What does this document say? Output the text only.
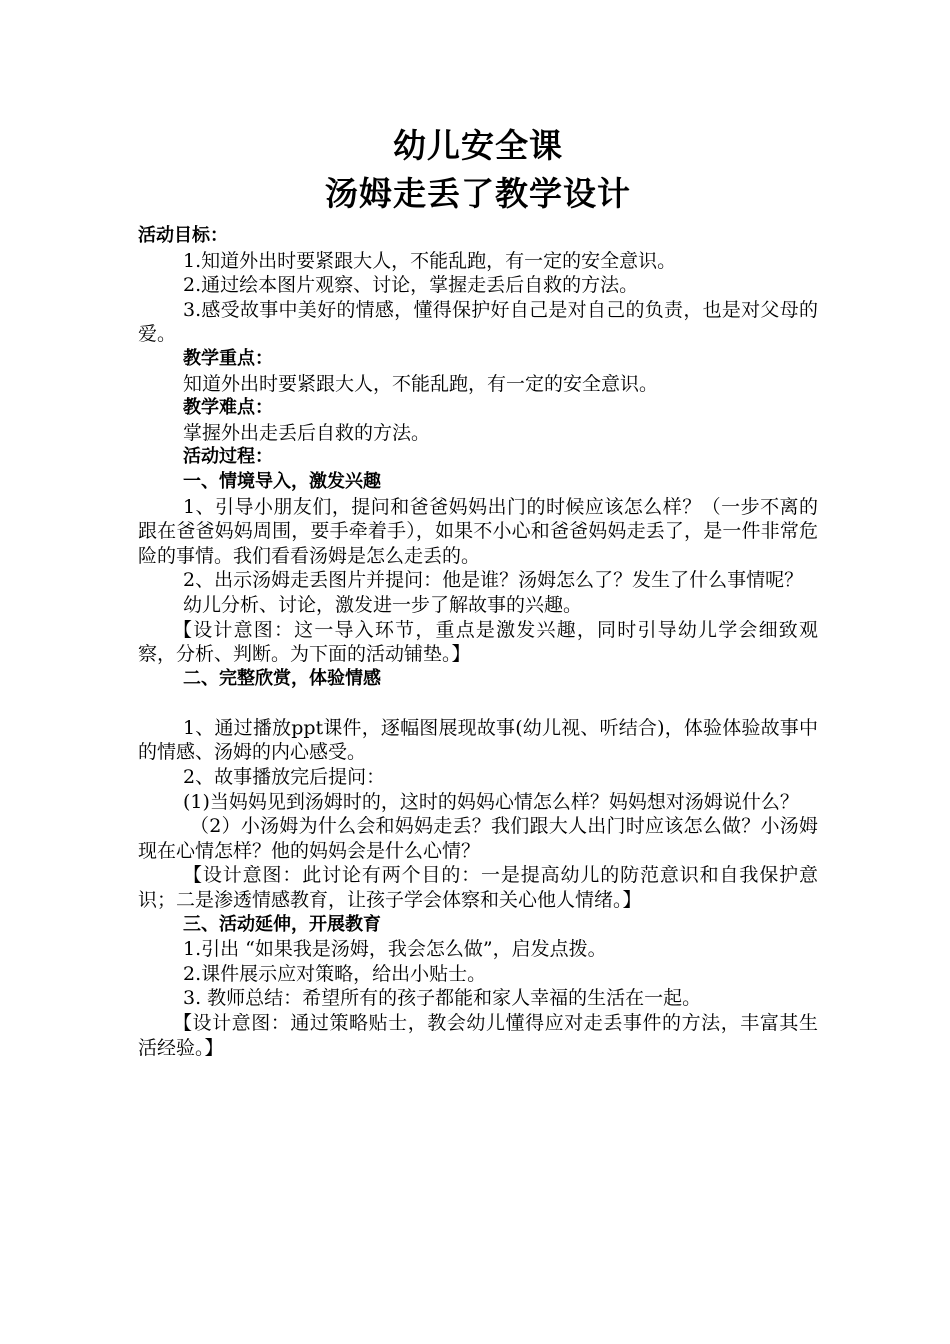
幼儿安全课
汤姆走丢了教学设计
活动目标：
1.知道外出时要紧跟大人，不能乱跑，有一定的安全意识。
2.通过绘本图片观察、讨论，掌握走丢后自救的方法。
3.感受故事中美好的情感，懂得保护好自己是对自己的负责，也是对父母的爱。
教学重点：
知道外出时要紧跟大人，不能乱跑，有一定的安全意识。
教学难点：
掌握外出走丢后自救的方法。
活动过程：
一、情境导入，激发兴趣
1、引导小朋友们，提问和爸爸妈妈出门的时候应该怎么样？（一步不离的跟在爸爸妈妈周围，要手牵着手），如果不小心和爸爸妈妈走丢了，是一件非常危险的事情。我们看看汤姆是怎么走丢的。
2、出示汤姆走丢图片并提问：他是谁？汤姆怎么了？发生了什么事情呢？
幼儿分析、讨论，激发进一步了解故事的兴趣。
【设计意图：这一导入环节，重点是激发兴趣，同时引导幼儿学会细致观察，分析、判断。为下面的活动铺垫。】
二、完整欣赏，体验情感
1、通过播放ppt课件，逐幅图展现故事(幼儿视、听结合)，体验体验故事中的情感、汤姆的内心感受。
2、故事播放完后提问：
(1)当妈妈见到汤姆时的，这时的妈妈心情怎么样？妈妈想对汤姆说什么？
（2）小汤姆为什么会和妈妈走丢？我们跟大人出门时应该怎么做？小汤姆现在心情怎样？他的妈妈会是什么心情？
【设计意图：此讨论有两个目的：一是提高幼儿的防范意识和自我保护意识；二是渗透情感教育，让孩子学会体察和关心他人情绪。】
三、活动延伸，开展教育
1.引出 “如果我是汤姆，我会怎么做”，启发点拨。
2.课件展示应对策略，给出小贴士。
3. 教师总结：希望所有的孩子都能和家人幸福的生活在一起。
【设计意图：通过策略贴士，教会幼儿懂得应对走丢事件的方法，丰富其生活经验。】
